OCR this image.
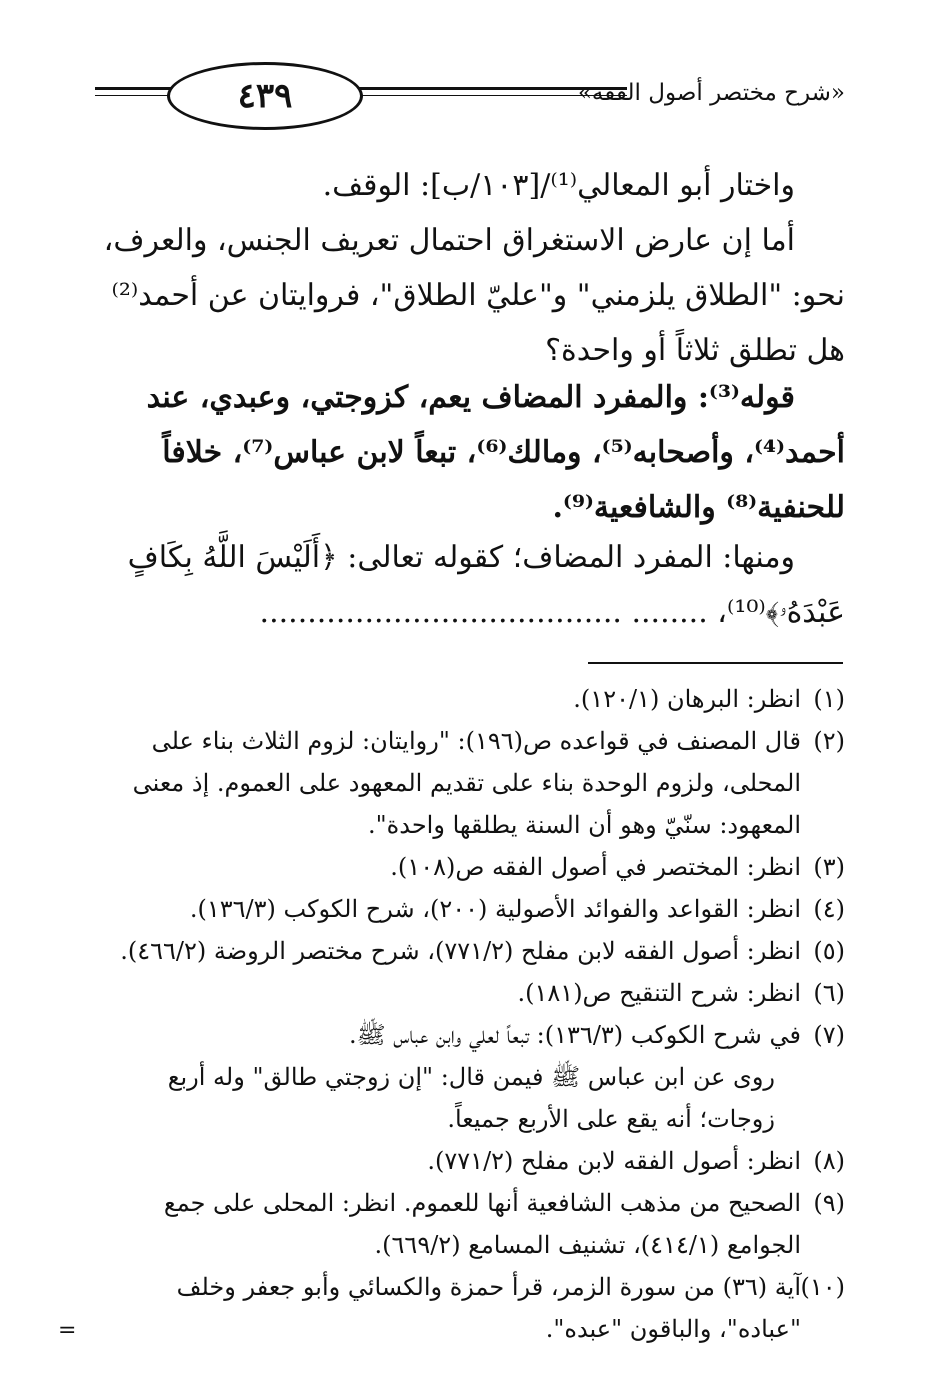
٤٣٩	«شرح مختصر أصول الفقه»
واختار أبو المعالي⁽¹⁾/[١٠٣/ب]: الوقف.
أما إن عارض الاستغراق احتمال تعريف الجنس، والعرف،
نحو: "الطلاق يلزمني" و"عليّ الطلاق"، فروايتان عن أحمد⁽²⁾
هل تطلق ثلاثاً أو واحدة؟
قوله⁽³⁾: والمفرد المضاف يعم، كزوجتي، وعبدي، عند
أحمد⁽⁴⁾، وأصحابه⁽⁵⁾، ومالك⁽⁶⁾، تبعاً لابن عباس⁽⁷⁾، خلافاً
للحنفية⁽⁸⁾ والشافعية⁽⁹⁾.
ومنها: المفرد المضاف؛ كقوله تعالى: ﴿أَلَيْسَ اللَّهُ بِكَافٍ
عَبْدَهُۥ﴾⁽¹⁰⁾، ........ ......................................
(١)انظر: البرهان (١٢٠/١).
(٢)قال المصنف في قواعده ص(١٩٦): "روايتان: لزوم الثلاث بناء على
المحلى، ولزوم الوحدة بناء على تقديم المعهود على العموم. إذ معنى
المعهود: سنّيّ وهو أن السنة يطلقها واحدة".
(٣)انظر: المختصر في أصول الفقه ص(١٠٨).
(٤)انظر: القواعد والفوائد الأصولية (٢٠٠)، شرح الكوكب (١٣٦/٣).
(٥)انظر: أصول الفقه لابن مفلح (٧٧١/٢)، شرح مختصر الروضة (٤٦٦/٢).
(٦)انظر: شرح التنقيح ص(١٨١).
(٧)في شرح الكوكب (١٣٦/٣): تبعاً لعلي وابن عباس ﷺ.
روى عن ابن عباس ﷺ فيمن قال: "إن زوجتي طالق" وله أربع
زوجات؛ أنه يقع على الأربع جميعاً.
(٨)انظر: أصول الفقه لابن مفلح (٧٧١/٢).
(٩)الصحيح من مذهب الشافعية أنها للعموم. انظر: المحلى على جمع
الجوامع (٤١٤/١)، تشنيف المسامع (٦٦٩/٢).
(١٠)آية (٣٦) من سورة الزمر، قرأ حمزة والكسائي وأبو جعفر وخلف
"عباده"، والباقون "عبده".
=
